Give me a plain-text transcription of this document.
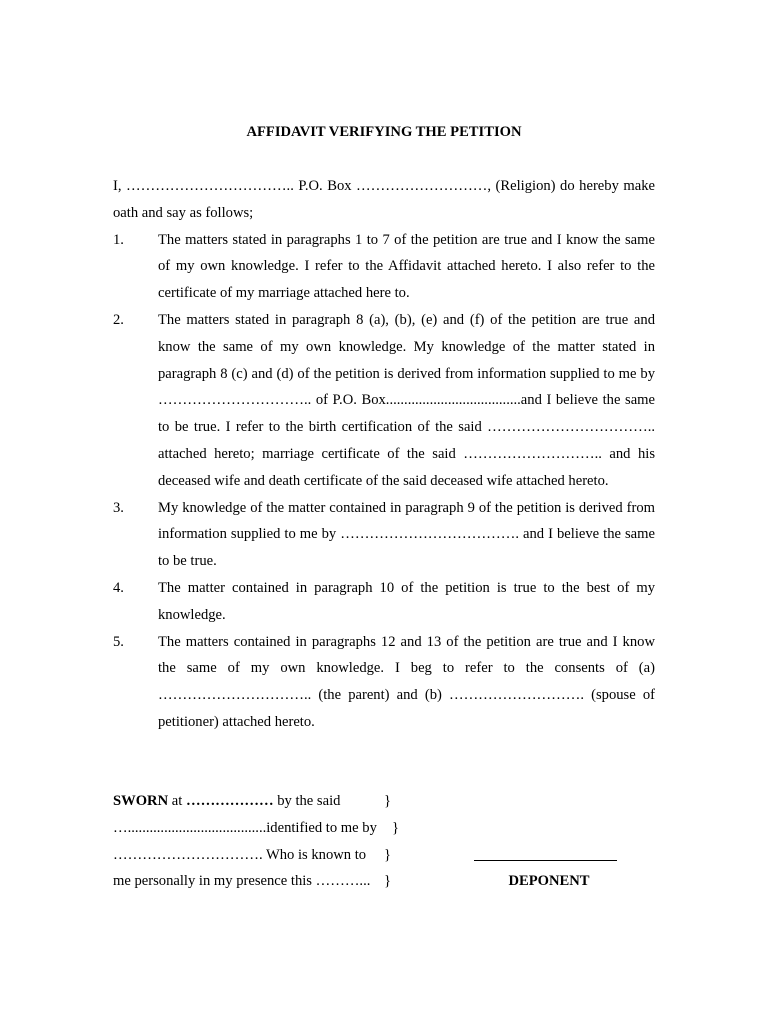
AFFIDAVIT VERIFYING THE PETITION

I, …………………………….. P.O. Box ………………………, (Religion) do hereby make oath and say as follows;

1.	The matters stated in paragraphs 1 to 7 of the petition are true and I know the same of my own knowledge. I refer to the Affidavit attached hereto. I also refer to the certificate of my marriage attached here to.
2.	The matters stated in paragraph 8 (a), (b), (e) and (f) of the petition are true and know the same of my own knowledge. My knowledge of the matter stated in paragraph 8 (c) and (d) of the petition is derived from information supplied to me by ………………………….. of P.O. Box.....................................and I believe the same to be true. I refer to the birth certification of the said …………………………….. attached hereto; marriage certificate of the said ……………………….. and his deceased wife and death certificate of the said deceased wife attached hereto.
3.	My knowledge of the matter contained in paragraph 9 of the petition is derived from information supplied to me by ………………………………. and I believe the same to be true.
4.	The matter contained in paragraph 10 of the petition is true to the best of my knowledge.
5.	The matters contained in paragraphs 12 and 13 of the petition are true and I know the same of my own knowledge. I beg to refer to the consents of (a) ………………………….. (the parent) and (b) ………………………. (spouse of petitioner) attached hereto.
SWORN at ……………… by the said	}
…......................................identified to me by }
…………………………. Who is known to }
me personally in my presence this ………... }	DEPONENT
